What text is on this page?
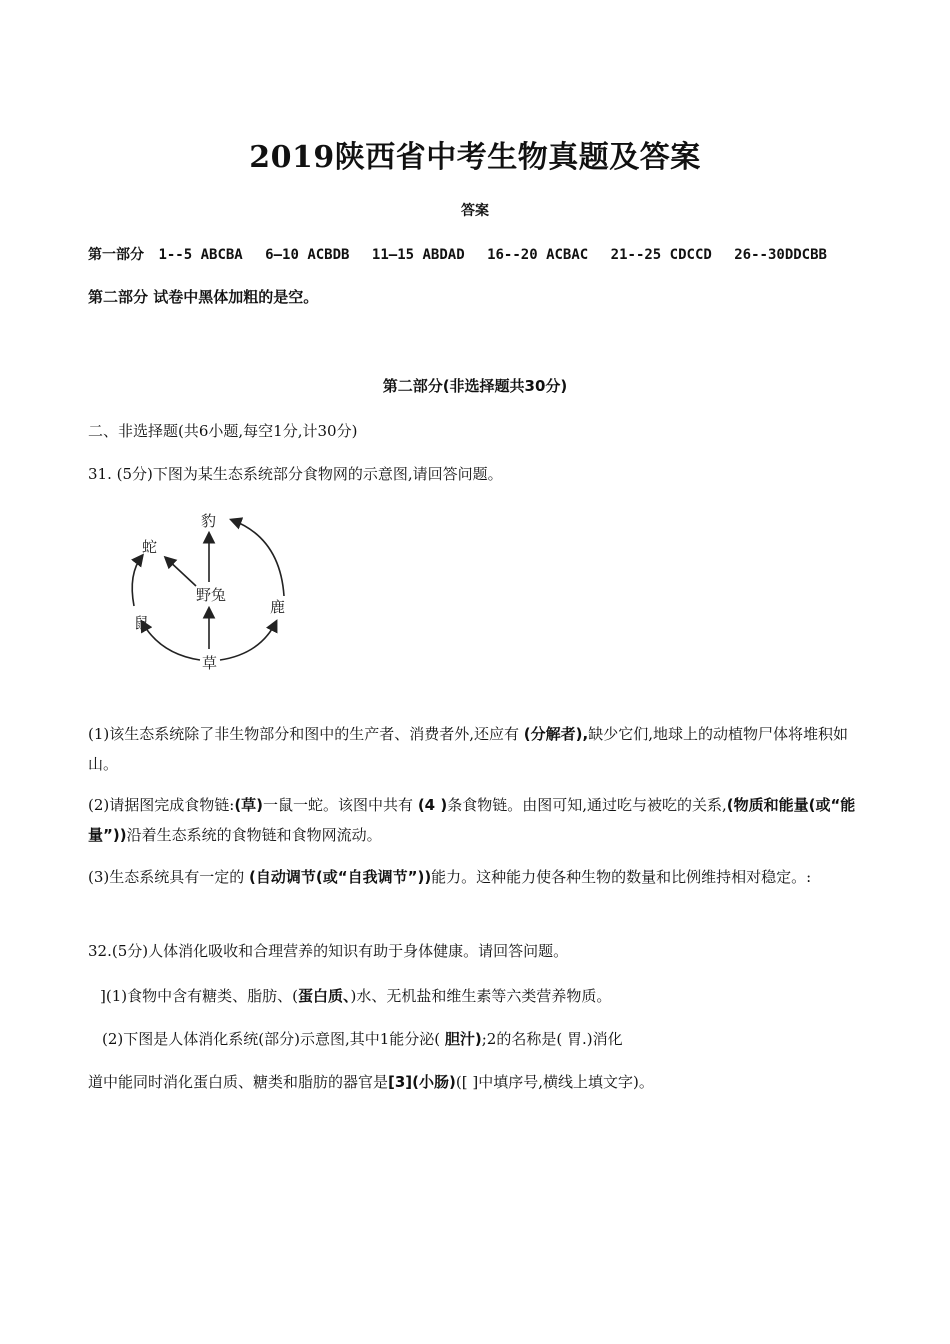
2019陕西省中考生物真题及答案
答案
第一部分 1--5 ABCBA 6—10 ACBDB 11—15 ABDAD 16--20 ACBAC 21--25 CDCCD 26--30DDCBB
第二部分 试卷中黑体加粗的是空。
第二部分(非选择题共30分)
二、非选择题(共6小题,每空1分,计30分)
31. (5分)下图为某生态系统部分食物网的示意图,请回答问题。
豹
蛇
野兔
鹿
鼠
草
(1)该生态系统除了非生物部分和图中的生产者、消费者外,还应有 (分解者),缺少它们,地球上的动植物尸体将堆积如山。
(2)请据图完成食物链:(草)一鼠一蛇。该图中共有 (4 )条食物链。由图可知,通过吃与被吃的关系,(物质和能量(或“能量”))沿着生态系统的食物链和食物网流动。
(3)生态系统具有一定的 (自动调节(或“自我调节”))能力。这种能力使各种生物的数量和比例维持相对稳定。:
32.(5分)人体消化吸收和合理营养的知识有助于身体健康。请回答问题。
](1)食物中含有糖类、脂肪、(蛋白质、)水、无机盐和维生素等六类营养物质。
(2)下图是人体消化系统(部分)示意图,其中1能分泌( 胆汁);2的名称是( 胃.)消化
道中能同时消化蛋白质、糖类和脂肪的器官是[3](小肠)([ ]中填序号,横线上填文字)。
